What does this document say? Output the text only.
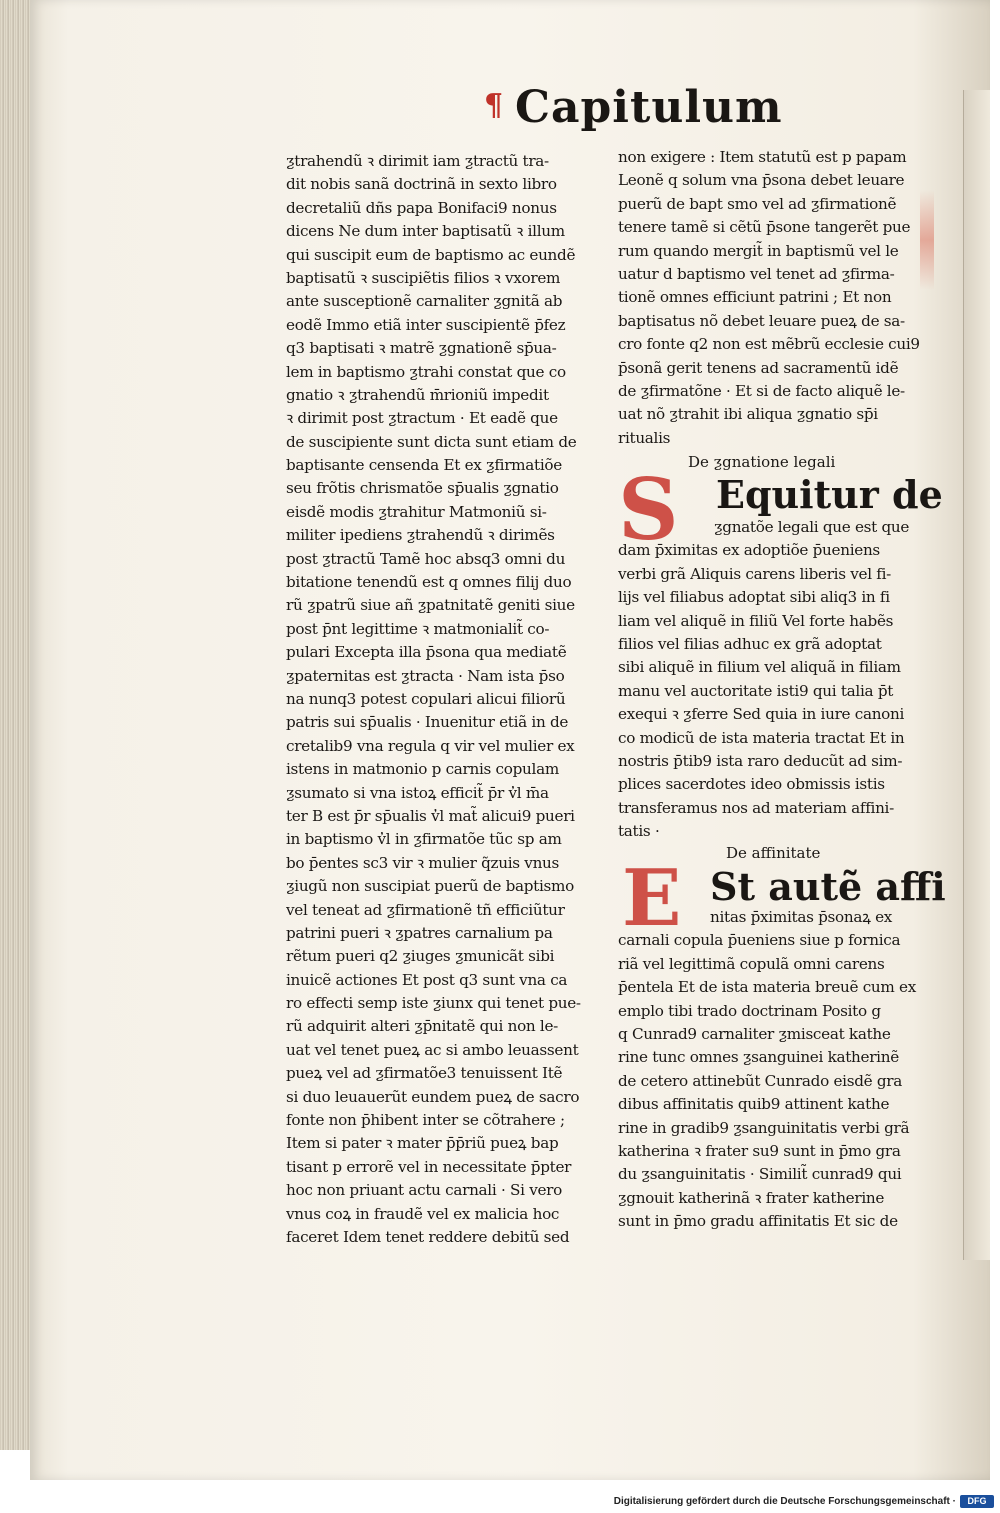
¶ Capitulum
ƺtrahendũ ꝛ dirimit iam ƺtractũ tra-
dit nobis sanã doctrinã in sexto libro
decretaliũ dñs papa Bonifaci9 nonus
dicens Ne dum inter baptisatũ ꝛ illum
qui suscipit eum de baptismo ac eundẽ
baptisatũ ꝛ suscipiẽtis filios ꝛ vxorem
ante susceptionẽ carnaliter ƺgnitã ab
eodẽ Immo etiã inter suscipientẽ p̄fez
q3 baptisati ꝛ matrẽ ƺgnationẽ sp̄ua-
lem in baptismo ƺtrahi constat que co
gnatio ꝛ ƺtrahendũ m̄rioniũ impedit
ꝛ dirimit post ƺtractum · Et eadẽ que
de suscipiente sunt dicta sunt etiam de
baptisante censenda Et ex ƺfirmatiõe
seu frõtis chrismatõe sp̄ualis ƺgnatio
eisdẽ modis ƺtrahitur Matmoniũ si-
militer ipediens ƺtrahendũ ꝛ dirimẽs
post ƺtractũ Tamẽ hoc absq3 omni du
bitatione tenendũ est q omnes filij duo
rũ ƺpatrũ siue añ ƺpatnitatẽ geniti siue
post p̄nt legittime ꝛ matmonialit̃ co-
pulari Excepta illa p̄sona qua mediatẽ
ƺpaternitas est ƺtracta · Nam ista p̄so
na nunq3 potest copulari alicui filiorũ
patris sui sp̄ualis · Inuenitur etiã in de
cretalib9 vna regula q vir vel mulier ex
istens in matmonio p carnis copulam
ƺsumato si vna istoꝝ efficit̃ p̄r v̓l m̄a
ter B est p̄r sp̄ualis v̓l mat̃ alicui9 pueri
in baptismo v̓l in ƺfirmatõe tũc sp am
bo p̄entes sc3 vir ꝛ mulier q̃zuis vnus
ƺiugũ non suscipiat puerũ de baptismo
vel teneat ad ƺfirmationẽ tñ efficiũtur
patrini pueri ꝛ ƺpatres carnalium pa
rẽtum pueri q2 ƺiuges ƺmunicãt sibi
inuicẽ actiones Et post q3 sunt vna ca
ro effecti semp iste ƺiunx qui tenet pue-
rũ adquirit alteri ƺp̄nitatẽ qui non le-
uat vel tenet pueꝝ ac si ambo leuassent
pueꝝ vel ad ƺfirmatõe3 tenuissent Itẽ
si duo leuauerũt eundem pueꝝ de sacro
fonte non p̄hibent inter se cõtrahere ;
Item si pater ꝛ mater p̄p̄riũ pueꝝ bap
tisant p errorẽ vel in necessitate p̄pter
hoc non priuant actu carnali · Si vero
vnus coꝝ in fraudẽ vel ex malicia hoc
faceret Idem tenet reddere debitũ sed
non exigere : Item statutũ est p papam
Leonẽ q solum vna p̄sona debet leuare
puerũ de bapt smo vel ad ƺfirmationẽ
tenere tamẽ si cẽtũ p̄sone tangerẽt pue
rum quando mergit̃ in baptismũ vel le
uatur d baptismo vel tenet ad ƺfirma-
tionẽ omnes efficiunt patrini ; Et non
baptisatus nõ debet leuare pueꝝ de sa-
cro fonte q2 non est mẽbrũ ecclesie cui9
p̄sonã gerit tenens ad sacramentũ idẽ
de ƺfirmatõne · Et si de facto aliquẽ le-
uat nõ ƺtrahit ibi aliqua ƺgnatio sp̄i
ritualis
De ƺgnatione legali
S Equitur de
ƺgnatõe legali que est que
dam p̄ximitas ex adoptiõe p̄ueniens
verbi grã Aliquis carens liberis vel fi-
lijs vel filiabus adoptat sibi aliq3 in fi
liam vel aliquẽ in filiũ Vel forte habẽs
filios vel filias adhuc ex grã adoptat
sibi aliquẽ in filium vel aliquã in filiam
manu vel auctoritate isti9 qui talia p̄t
exequi ꝛ ƺferre Sed quia in iure canoni
co modicũ de ista materia tractat Et in
nostris p̄tib9 ista raro deducũt ad sim-
plices sacerdotes ideo obmissis istis
transferamus nos ad materiam affini-
tatis ·
De affinitate
E St autẽ affi
nitas p̄ximitas p̄sonaꝝ ex
carnali copula p̄ueniens siue p fornica
riã vel legittimã copulã omni carens
p̄entela Et de ista materia breuẽ cum ex
emplo tibi trado doctrinam Posito g
q Cunrad9 carnaliter ƺmisceat kathe
rine tunc omnes ƺsanguinei katherinẽ
de cetero attinebũt Cunrado eisdẽ gra
dibus affinitatis quib9 attinent kathe
rine in gradib9 ƺsanguinitatis verbi grã
katherina ꝛ frater su9 sunt in p̄mo gra
du ƺsanguinitatis · Similit̃ cunrad9 qui
ƺgnouit katherinã ꝛ frater katherine
sunt in p̄mo gradu affinitatis Et sic de
Digitalisierung gefördert durch die Deutsche Forschungsgemeinschaft ·	DFG
